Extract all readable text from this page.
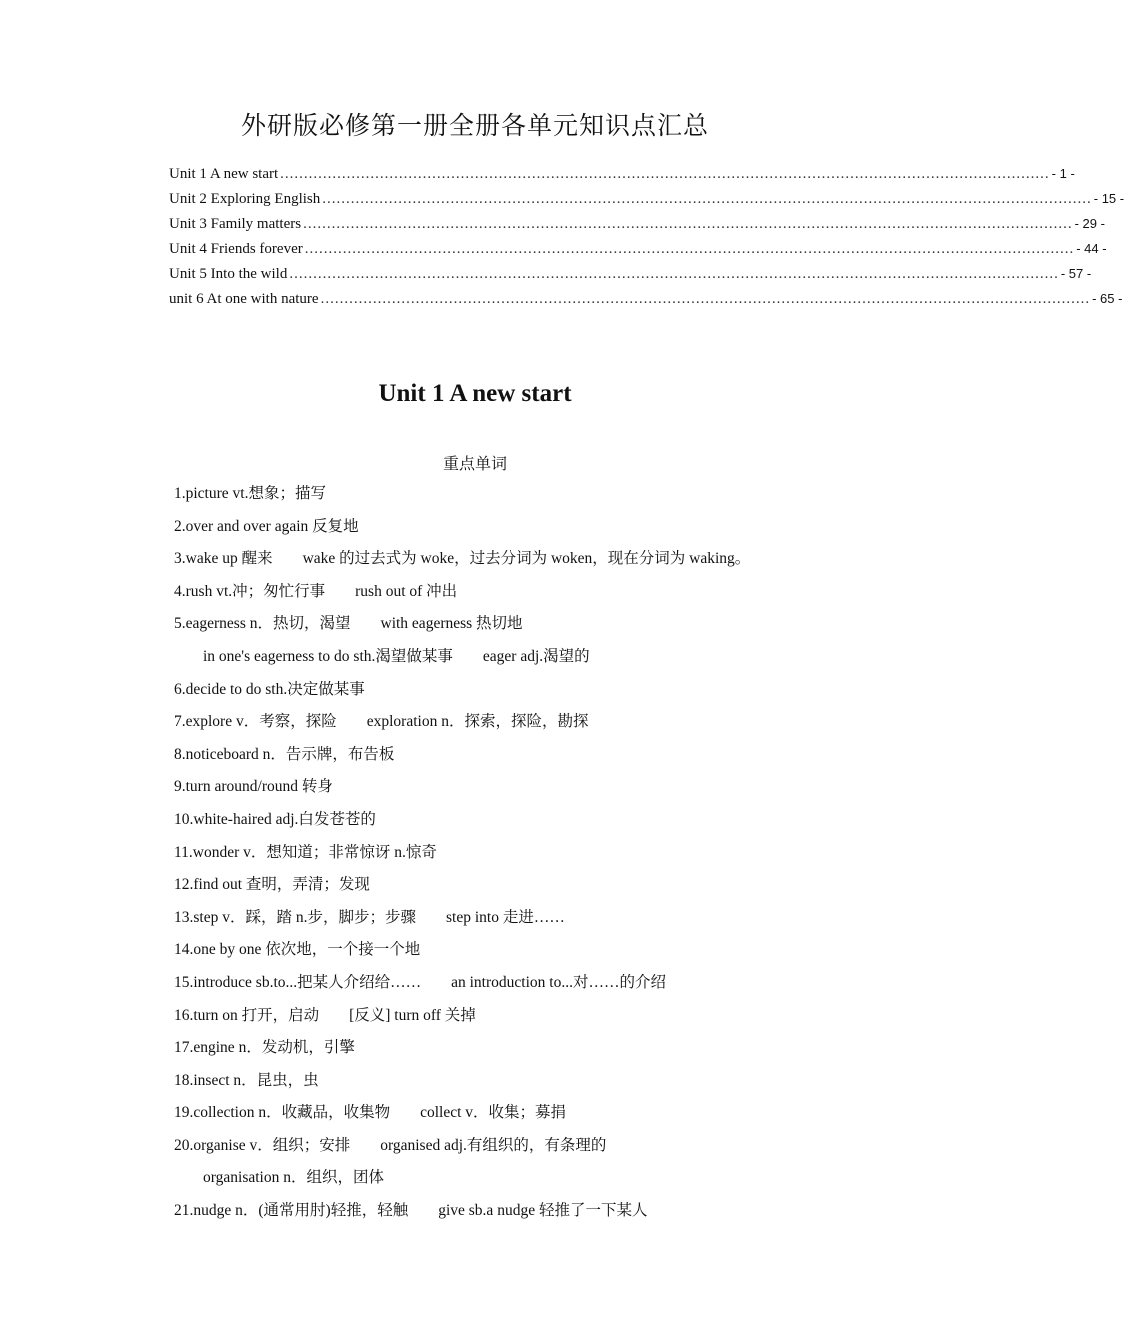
外研版必修第一册全册各单元知识点汇总
Unit 1 A new start .................................................................................................................................................................. - 1 -
Unit 2 Exploring English .................................................................................................................................................................. - 15 -
Unit 3 Family matters .................................................................................................................................................................. - 29 -
Unit 4 Friends forever .................................................................................................................................................................. - 44 -
Unit 5 Into the wild .................................................................................................................................................................. - 57 -
unit 6 At one with nature .................................................................................................................................................................. - 65 -
Unit 1 A new start
重点单词
1.picture vt.想象；描写
2.over and over again 反复地
3.wake up 醒来 wake 的过去式为 woke，过去分词为 woken，现在分词为 waking。
4.rush vt.冲；匆忙行事 rush out of 冲出
5.eagerness n．热切，渴望 with eagerness 热切地
in one's eagerness to do sth.渴望做某事 eager adj.渴望的
6.decide to do sth.决定做某事
7.explore v．考察，探险 exploration n．探索，探险，勘探
8.noticeboard n．告示牌，布告板
9.turn around/round 转身
10.white-haired adj.白发苍苍的
11.wonder v．想知道；非常惊讶 n.惊奇
12.find out 查明，弄清；发现
13.step v．踩，踏 n.步，脚步；步骤 step into 走进……
14.one by one 依次地，一个接一个地
15.introduce sb.to...把某人介绍给…… an introduction to...对……的介绍
16.turn on 打开，启动 [反义] turn off 关掉
17.engine n．发动机，引擎
18.insect n．昆虫，虫
19.collection n．收藏品，收集物 collect v．收集；募捐
20.organise v．组织；安排 organised adj.有组织的，有条理的
organisation n．组织，团体
21.nudge n．(通常用肘)轻推，轻触 give sb.a nudge 轻推了一下某人
